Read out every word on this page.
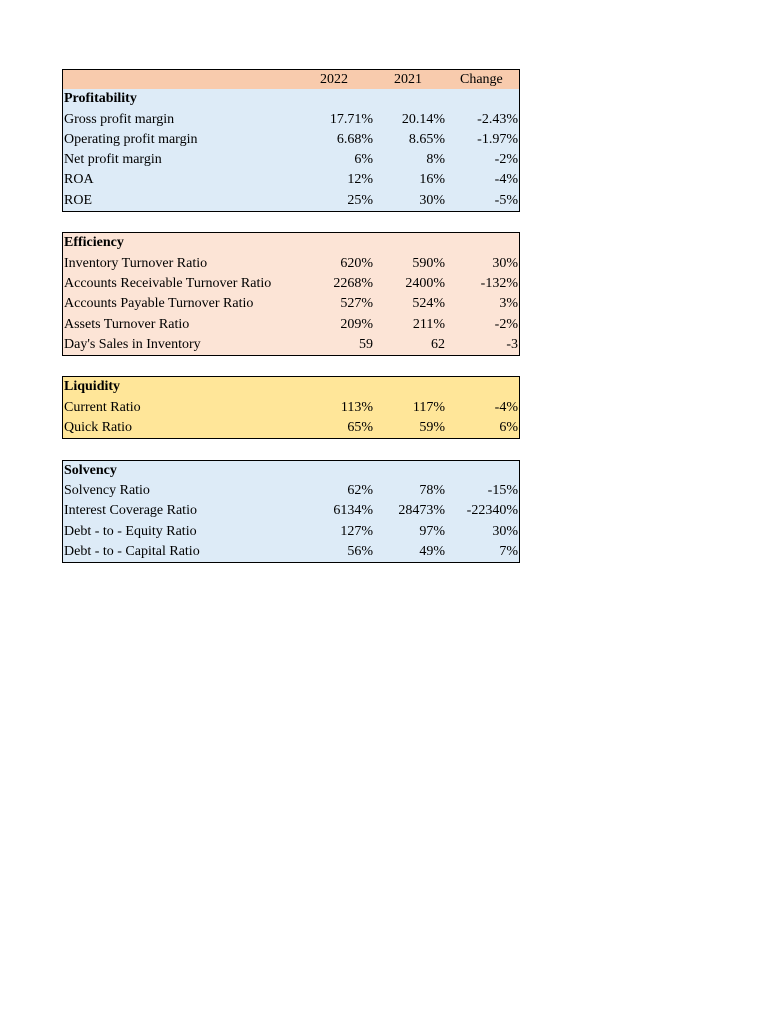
2022	2021	Change
Profitability
Gross profit margin	17.71% 20.14% -2.43%
Operating profit margin	6.68%	8.65% -1.97%
Net profit margin	6%	8%	-2%
ROA	12%	16%	-4%
ROE	25%	30%	-5%
Efficiency
Inventory Turnover Ratio	620%	590%	30%
Accounts Receivable Turnover Ratio	2268% 2400%	-132%
Accounts Payable Turnover Ratio	527%	524%	3%
Assets Turnover Ratio	209%	211%	-2%
Day's Sales in Inventory	59	62	-3
Liquidity
Current Ratio	113%	117%	-4%
Quick Ratio	65%	59%	6%
Solvency
Solvency Ratio	62%	78%	-15%
Interest Coverage Ratio	6134% 28473% -22340%
Debt - to - Equity Ratio	127%	97%	30%
Debt - to - Capital Ratio	56%	49%	7%
